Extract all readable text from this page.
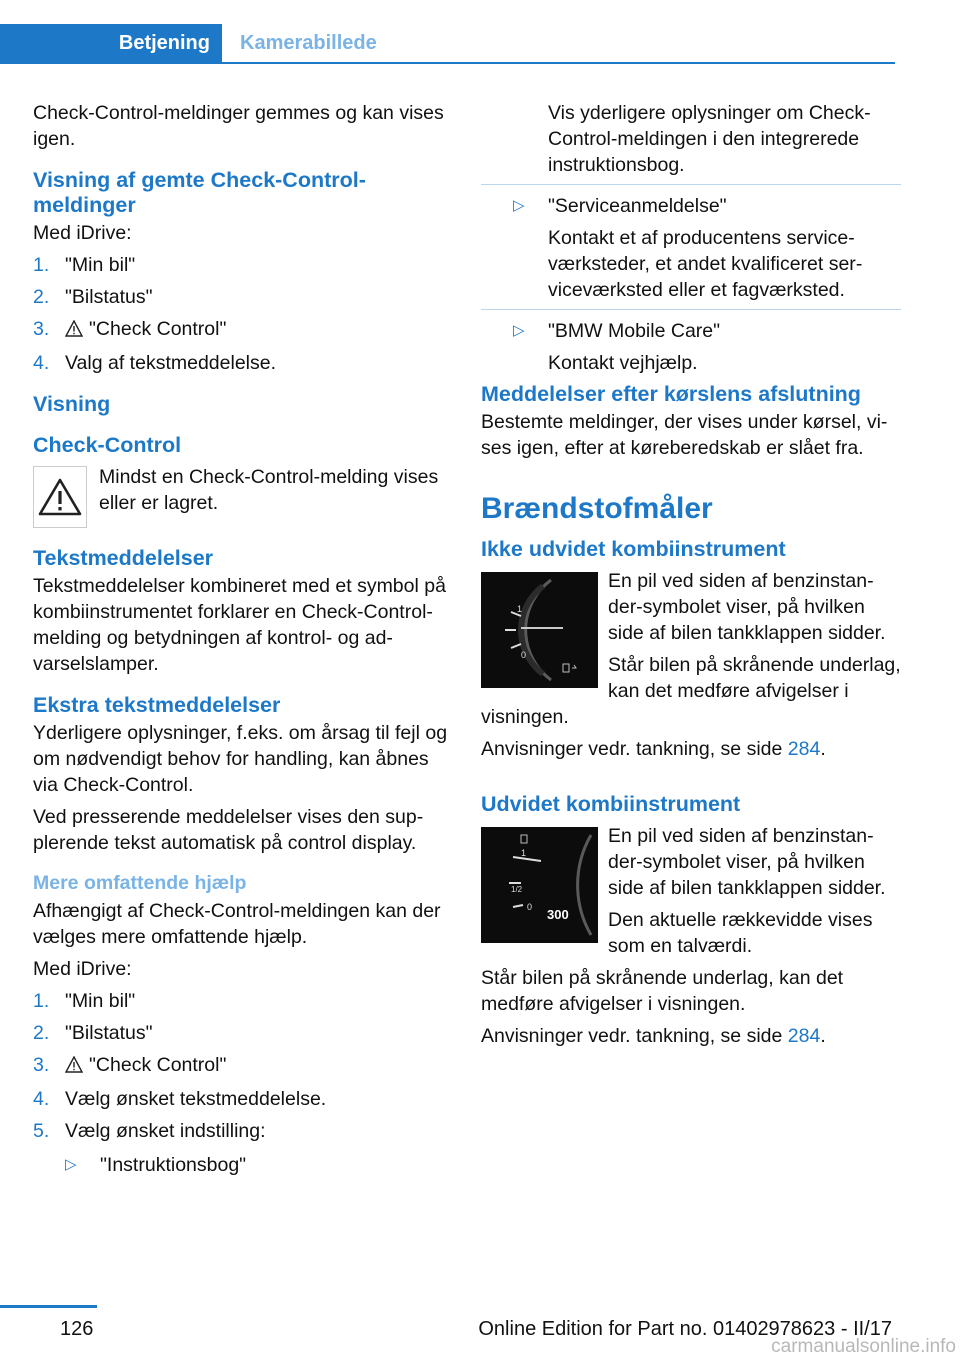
Betjening	Kamerabillede

Check-Control-meldinger gemmes og kan vises igen.

Visning af gemte Check-Control-meldinger

Med iDrive:

1. "Min bil"
2. "Bilstatus"
3. "Check Control"
4. Valg af tekstmeddelelse.
Visning
Check-Control

Mindst en Check-Control-melding vises eller er lagret.

Tekstmeddelelser

Tekstmeddelelser kombineret med et symbol på kombiinstrumentet forklarer en Check-Control-melding og betydningen af kontrol- og advarselslamper.

Ekstra tekstmeddelelser

Yderligere oplysninger, f.eks. om årsag til fejl og om nødvendigt behov for handling, kan åbnes via Check-Control.

Ved presserende meddelelser vises den supplerende tekst automatisk på control display.

Mere omfattende hjælp

Afhængigt af Check-Control-meldingen kan der vælges mere omfattende hjælp.

Med iDrive:

1. "Min bil"
2. "Bilstatus"
3. "Check Control"
4. Vælg ønsket tekstmeddelelse.
5. Vælg ønsket indstilling:
▷ "Instruktionsbog"

Vis yderligere oplysninger om Check-Control-meldingen i den integrerede instruktionsbog.

▷ "Serviceanmeldelse"

Kontakt et af producentens serviceværksteder, et andet kvalificeret serviceværksted eller et fagværksted.

▷ "BMW Mobile Care"

Kontakt vejhjælp.

Meddelelser efter kørslens afslutning

Bestemte meldinger, der vises under kørsel, vises igen, efter at køreberedskab er slået fra.

Brændstofmåler
Ikke udvidet kombiinstrument
1
0

En pil ved siden af benzinstander-symbolet viser, på hvilken side af bilen tankklappen sidder.

Står bilen på skrånende underlag, kan det medføre afvigelser i visningen.

Anvisninger vedr. tankning, se side 284.

Udvidet kombiinstrument
1
1/2
0 300

En pil ved siden af benzinstander-symbolet viser, på hvilken side af bilen tankklappen sidder.

Den aktuelle rækkevidde vises som en talværdi.

Står bilen på skrånende underlag, kan det medføre afvigelser i visningen.

Anvisninger vedr. tankning, se side 284.

126	Online Edition for Part no. 01402978623 - II/17
carmanualsonline.info
